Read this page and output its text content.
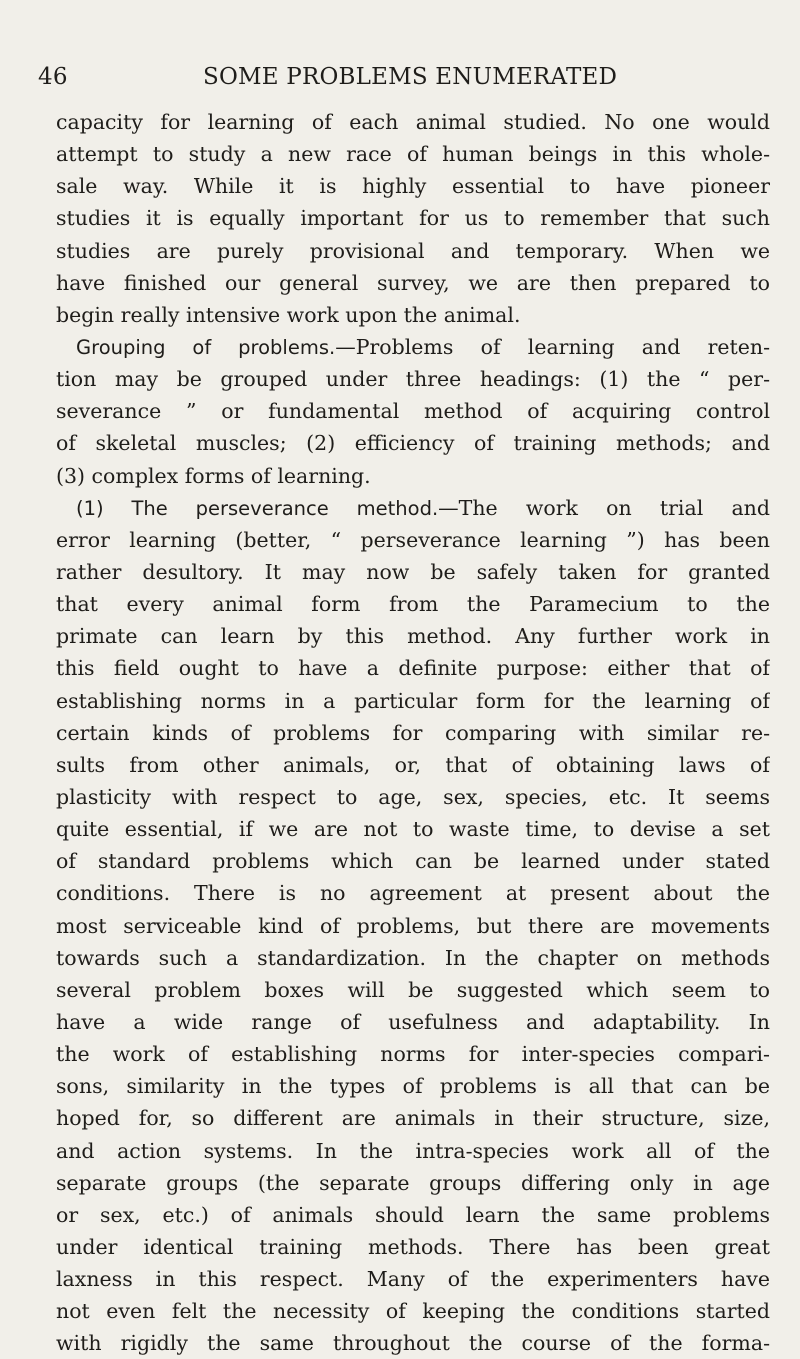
46	SOME PROBLEMS ENUMERATED
capacity for learning of each animal studied. No one would
attempt to study a new race of human beings in this whole-
sale way. While it is highly essential to have pioneer
studies it is equally important for us to remember that such
studies are purely provisional and temporary. When we
have finished our general survey, we are then prepared to
begin really intensive work upon the animal.
Grouping of problems.—Problems of learning and reten-
tion may be grouped under three headings: (1) the “ per-
severance ” or fundamental method of acquiring control
of skeletal muscles; (2) efficiency of training methods; and
(3) complex forms of learning.
(1) The perseverance method.—The work on trial and
error learning (better, “ perseverance learning ”) has been
rather desultory. It may now be safely taken for granted
that every animal form from the Paramecium to the
primate can learn by this method. Any further work in
this field ought to have a definite purpose: either that of
establishing norms in a particular form for the learning of
certain kinds of problems for comparing with similar re-
sults from other animals, or, that of obtaining laws of
plasticity with respect to age, sex, species, etc. It seems
quite essential, if we are not to waste time, to devise a set
of standard problems which can be learned under stated
conditions. There is no agreement at present about the
most serviceable kind of problems, but there are movements
towards such a standardization. In the chapter on methods
several problem boxes will be suggested which seem to
have a wide range of usefulness and adaptability. In
the work of establishing norms for inter-species compari-
sons, similarity in the types of problems is all that can be
hoped for, so different are animals in their structure, size,
and action systems. In the intra-species work all of the
separate groups (the separate groups differing only in age
or sex, etc.) of animals should learn the same problems
under identical training methods. There has been great
laxness in this respect. Many of the experimenters have
not even felt the necessity of keeping the conditions started
with rigidly the same throughout the course of the forma-
